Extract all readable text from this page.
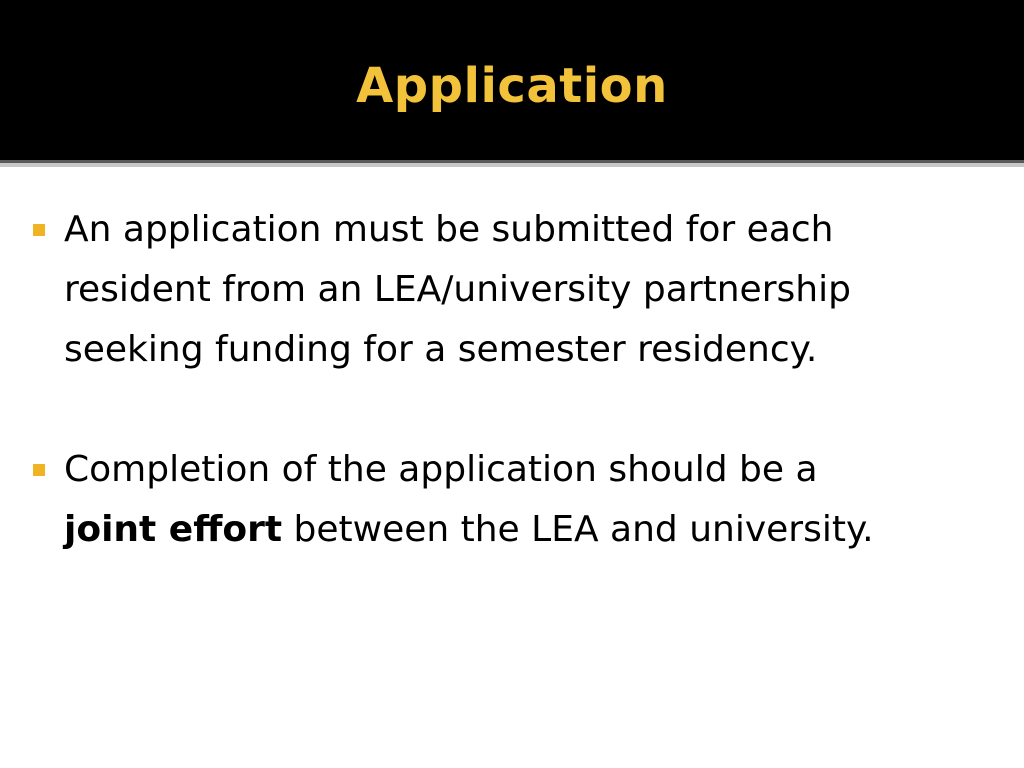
Application
An application must be submitted for each
resident from an LEA/university partnership
seeking funding for a semester residency.
Completion of the application should be a
joint effort between the LEA and university.
